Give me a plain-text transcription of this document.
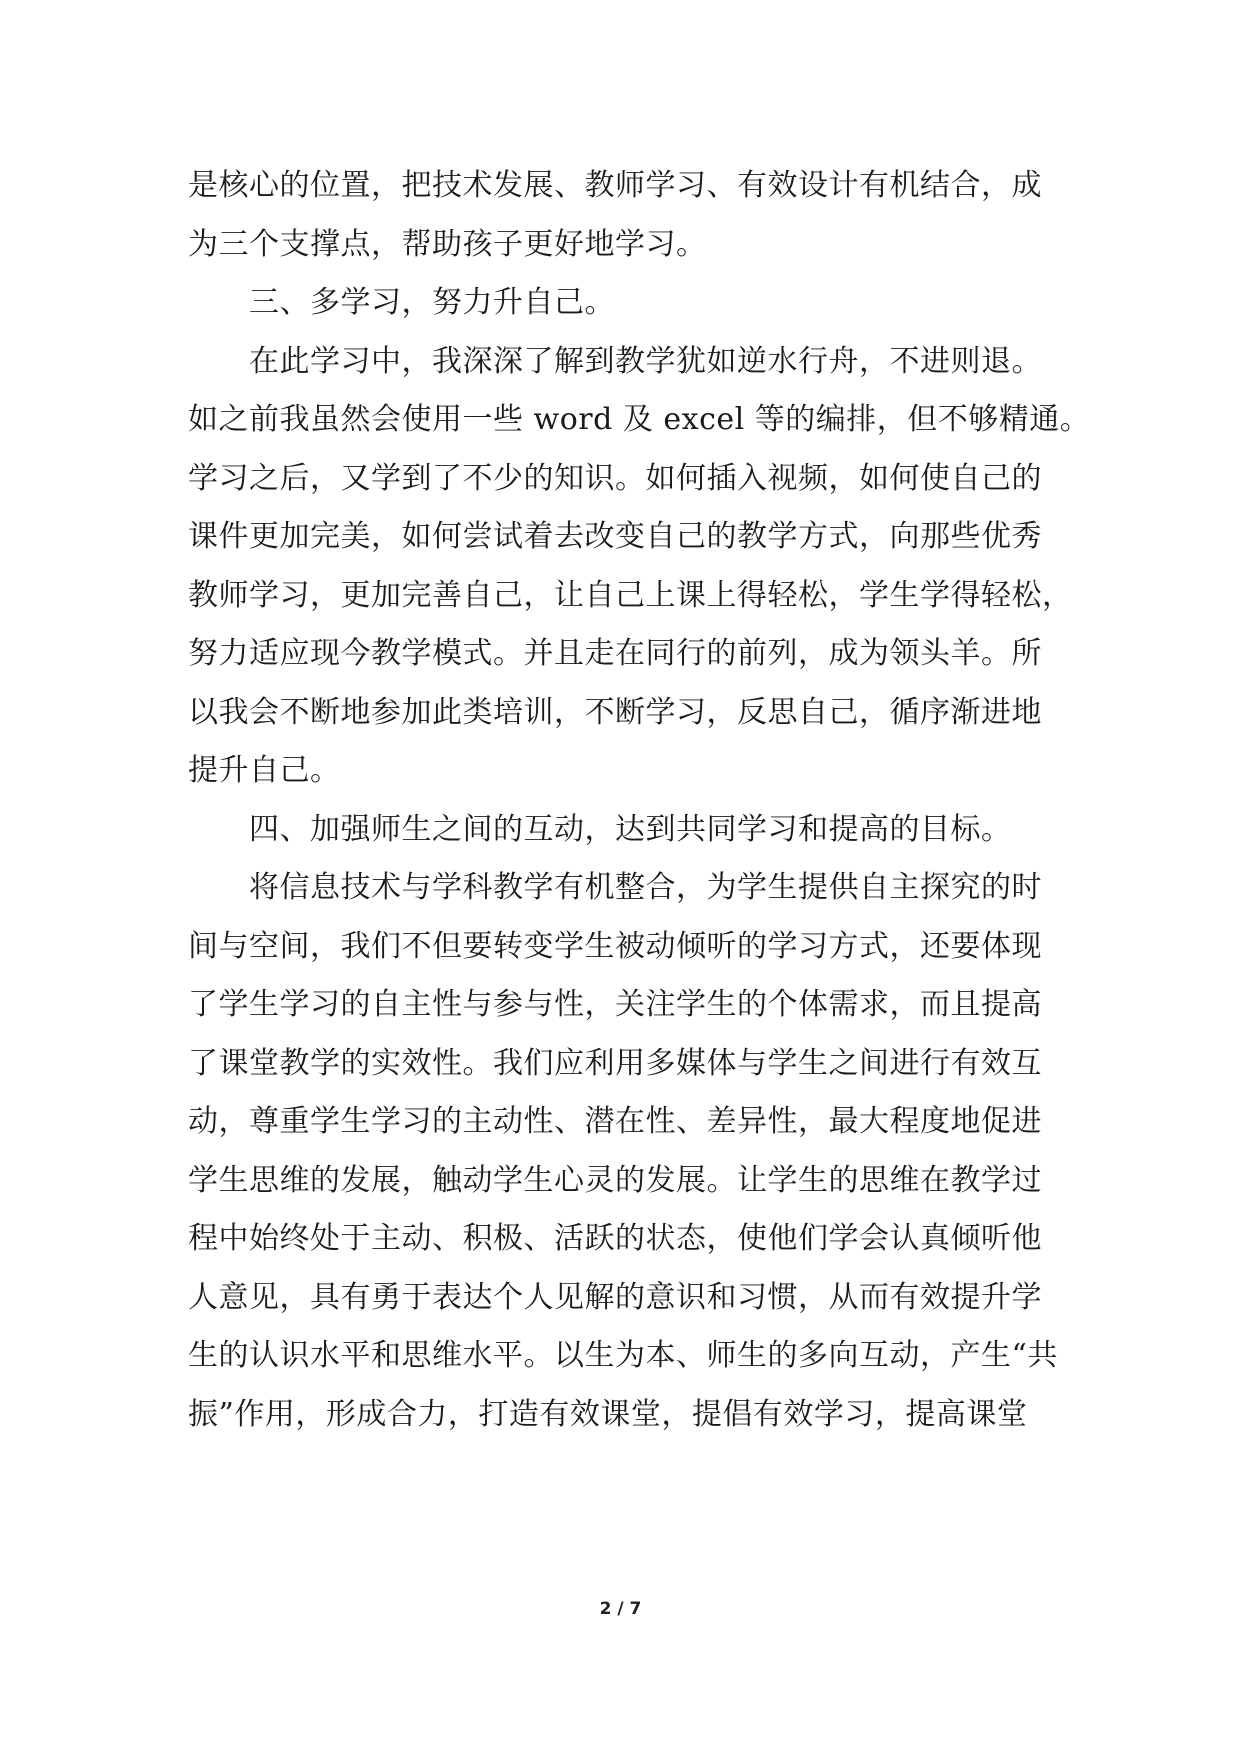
是核心的位置，把技术发展、教师学习、有效设计有机结合，成
为三个支撑点，帮助孩子更好地学习。
　　三、多学习，努力升自己。
　　在此学习中，我深深了解到教学犹如逆水行舟，不进则退。
如之前我虽然会使用一些 word 及 excel 等的编排，但不够精通。
学习之后，又学到了不少的知识。如何插入视频，如何使自己的
课件更加完美，如何尝试着去改变自己的教学方式，向那些优秀
教师学习，更加完善自己，让自己上课上得轻松，学生学得轻松，
努力适应现今教学模式。并且走在同行的前列，成为领头羊。所
以我会不断地参加此类培训，不断学习，反思自己，循序渐进地
提升自己。
　　四、加强师生之间的互动，达到共同学习和提高的目标。
　　将信息技术与学科教学有机整合，为学生提供自主探究的时
间与空间，我们不但要转变学生被动倾听的学习方式，还要体现
了学生学习的自主性与参与性，关注学生的个体需求，而且提高
了课堂教学的实效性。我们应利用多媒体与学生之间进行有效互
动，尊重学生学习的主动性、潜在性、差异性，最大程度地促进
学生思维的发展，触动学生心灵的发展。让学生的思维在教学过
程中始终处于主动、积极、活跃的状态，使他们学会认真倾听他
人意见，具有勇于表达个人见解的意识和习惯，从而有效提升学
生的认识水平和思维水平。以生为本、师生的多向互动，产生“共
振”作用，形成合力，打造有效课堂，提倡有效学习，提高课堂
2 / 7
